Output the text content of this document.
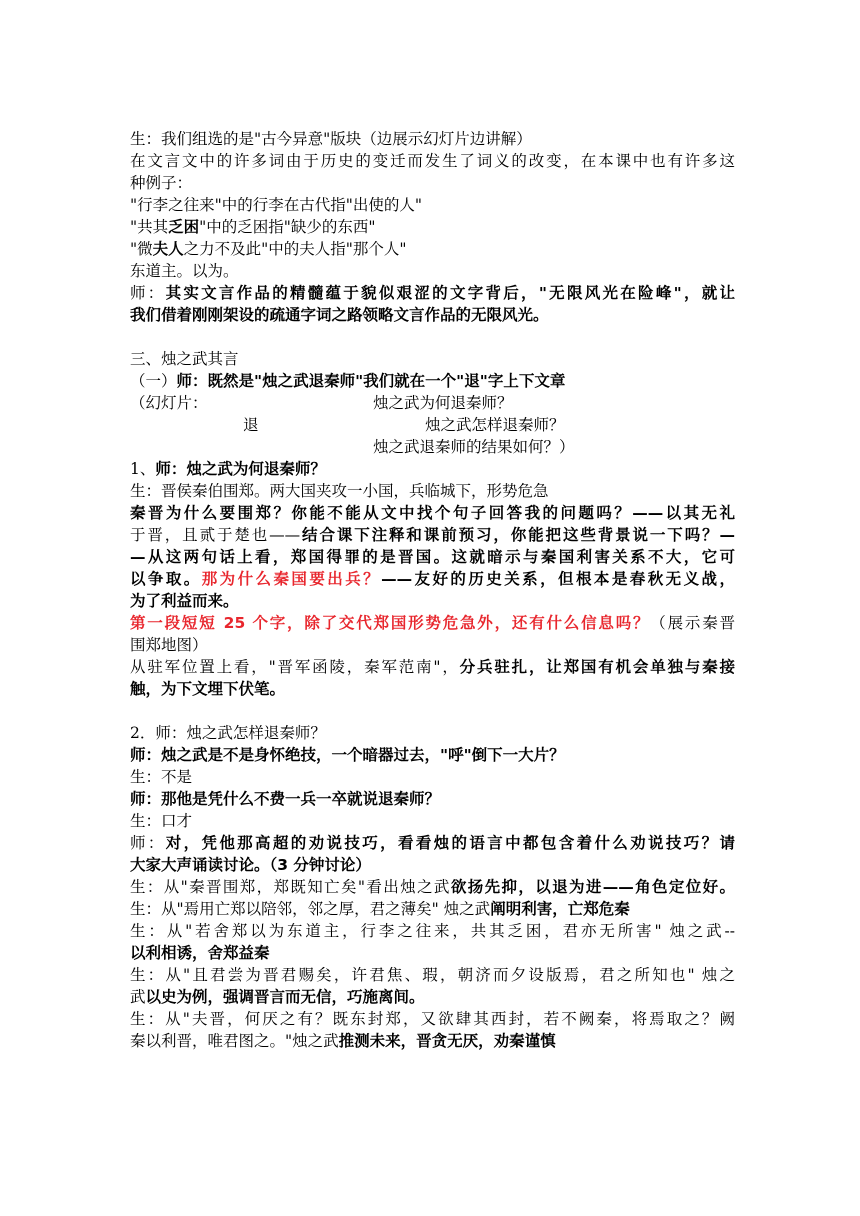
生：我们组选的是"古今异意"版块（边展示幻灯片边讲解）
在文言文中的许多词由于历史的变迁而发生了词义的改变，在本课中也有许多这
种例子：
"行李之往来"中的行李在古代指"出使的人"
"共其乏困"中的乏困指"缺少的东西"
"微夫人之力不及此"中的夫人指"那个人"
东道主。以为。
师：其实文言作品的精髓蕴于貌似艰涩的文字背后，"无限风光在险峰"，就让
我们借着刚刚架设的疏通字词之路领略文言作品的无限风光。
三、烛之武其言
（一）师：既然是"烛之武退秦师"我们就在一个"退"字上下文章
（幻灯片：	烛之武为何退秦师？
退	烛之武怎样退秦师？
烛之武退秦师的结果如何？）
1、师：烛之武为何退秦师？
生：晋侯秦伯围郑。两大国夹攻一小国，兵临城下，形势危急
秦晋为什么要围郑？你能不能从文中找个句子回答我的问题吗？——以其无礼
于晋，且贰于楚也——结合课下注释和课前预习，你能把这些背景说一下吗？—
—从这两句话上看，郑国得罪的是晋国。这就暗示与秦国利害关系不大，它可
以争取。那为什么秦国要出兵？——友好的历史关系，但根本是春秋无义战，
为了利益而来。
第一段短短 25 个字，除了交代郑国形势危急外，还有什么信息吗？（展示秦晋
围郑地图）
从驻军位置上看，"晋军函陵，秦军范南"，分兵驻扎，让郑国有机会单独与秦接
触，为下文埋下伏笔。
2．师：烛之武怎样退秦师？
师：烛之武是不是身怀绝技，一个暗器过去，"呼"倒下一大片？
生：不是
师：那他是凭什么不费一兵一卒就说退秦师？
生：口才
师：对，凭他那高超的劝说技巧，看看烛的语言中都包含着什么劝说技巧？请
大家大声诵读讨论。（3 分钟讨论）
生：从"秦晋围郑，郑既知亡矣"看出烛之武欲扬先抑，以退为进——角色定位好。
生：从"焉用亡郑以陪邻，邻之厚，君之薄矣" 烛之武阐明利害，亡郑危秦
生：从"若舍郑以为东道主，行李之往来，共其乏困，君亦无所害" 烛之武--
以利相诱，舍郑益秦
生：从"且君尝为晋君赐矣，许君焦、瑕，朝济而夕设版焉，君之所知也" 烛之
武以史为例，强调晋言而无信，巧施离间。
生：从"夫晋，何厌之有？既东封郑，又欲肆其西封，若不阙秦，将焉取之？阙
秦以利晋，唯君图之。"烛之武推测未来，晋贪无厌，劝秦谨慎
